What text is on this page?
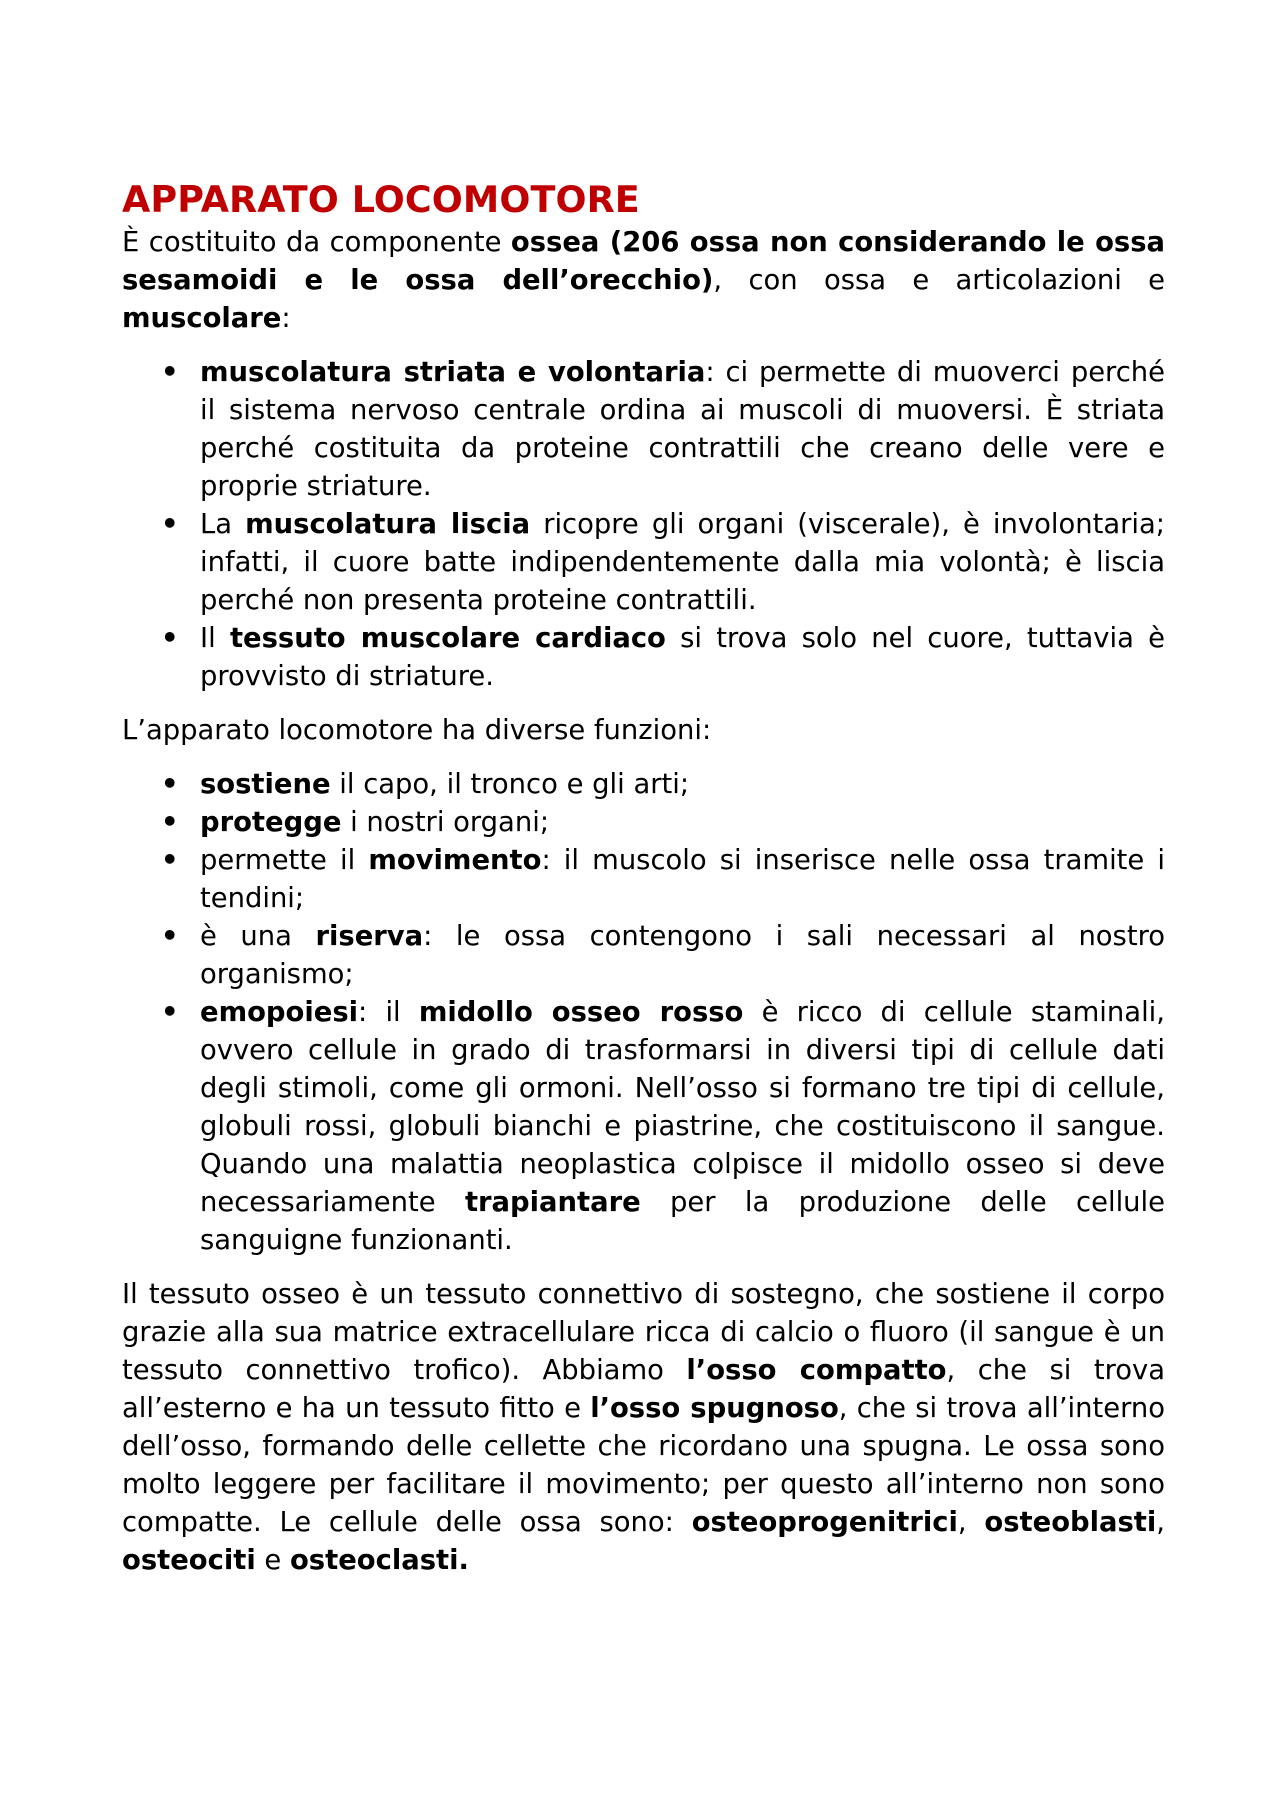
APPARATO LOCOMOTORE

È costituito da componente ossea (206 ossa non considerando le ossa sesamoidi e le ossa dell’orecchio), con ossa e articolazioni e muscolare:

• muscolatura striata e volontaria: ci permette di muoverci perché il sistema nervoso centrale ordina ai muscoli di muoversi. È striata perché costituita da proteine contrattili che creano delle vere e proprie striature.
• La muscolatura liscia ricopre gli organi (viscerale), è involontaria; infatti, il cuore batte indipendentemente dalla mia volontà; è liscia perché non presenta proteine contrattili.
• Il tessuto muscolare cardiaco si trova solo nel cuore, tuttavia è provvisto di striature.

L’apparato locomotore ha diverse funzioni:

• sostiene il capo, il tronco e gli arti;
• protegge i nostri organi;
• permette il movimento: il muscolo si inserisce nelle ossa tramite i tendini;
• è una riserva: le ossa contengono i sali necessari al nostro organismo;
• emopoiesi: il midollo osseo rosso è ricco di cellule staminali, ovvero cellule in grado di trasformarsi in diversi tipi di cellule dati degli stimoli, come gli ormoni. Nell’osso si formano tre tipi di cellule, globuli rossi, globuli bianchi e piastrine, che costituiscono il sangue. Quando una malattia neoplastica colpisce il midollo osseo si deve necessariamente trapiantare per la produzione delle cellule sanguigne funzionanti.

Il tessuto osseo è un tessuto connettivo di sostegno, che sostiene il corpo grazie alla sua matrice extracellulare ricca di calcio o fluoro (il sangue è un tessuto connettivo trofico). Abbiamo l’osso compatto, che si trova all’esterno e ha un tessuto fitto e l’osso spugnoso, che si trova all’interno dell’osso, formando delle cellette che ricordano una spugna. Le ossa sono molto leggere per facilitare il movimento; per questo all’interno non sono compatte. Le cellule delle ossa sono: osteoprogenitrici, osteoblasti, osteociti e osteoclasti.
